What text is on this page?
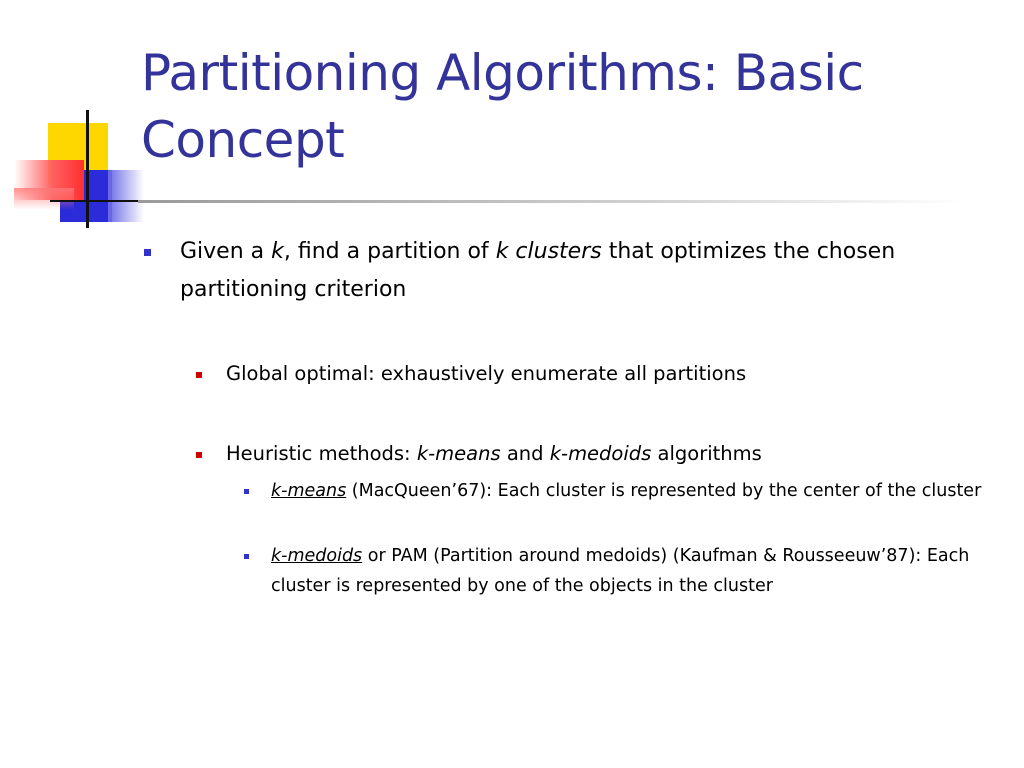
Partitioning Algorithms: Basic Concept

Given a k, find a partition of k clusters that optimizes the chosen partitioning criterion

Global optimal: exhaustively enumerate all partitions

Heuristic methods: k-means and k-medoids algorithms

k-means (MacQueen’67): Each cluster is represented by the center of the cluster

k-medoids or PAM (Partition around medoids) (Kaufman & Rousseeuw’87): Each cluster is represented by one of the objects in the cluster
